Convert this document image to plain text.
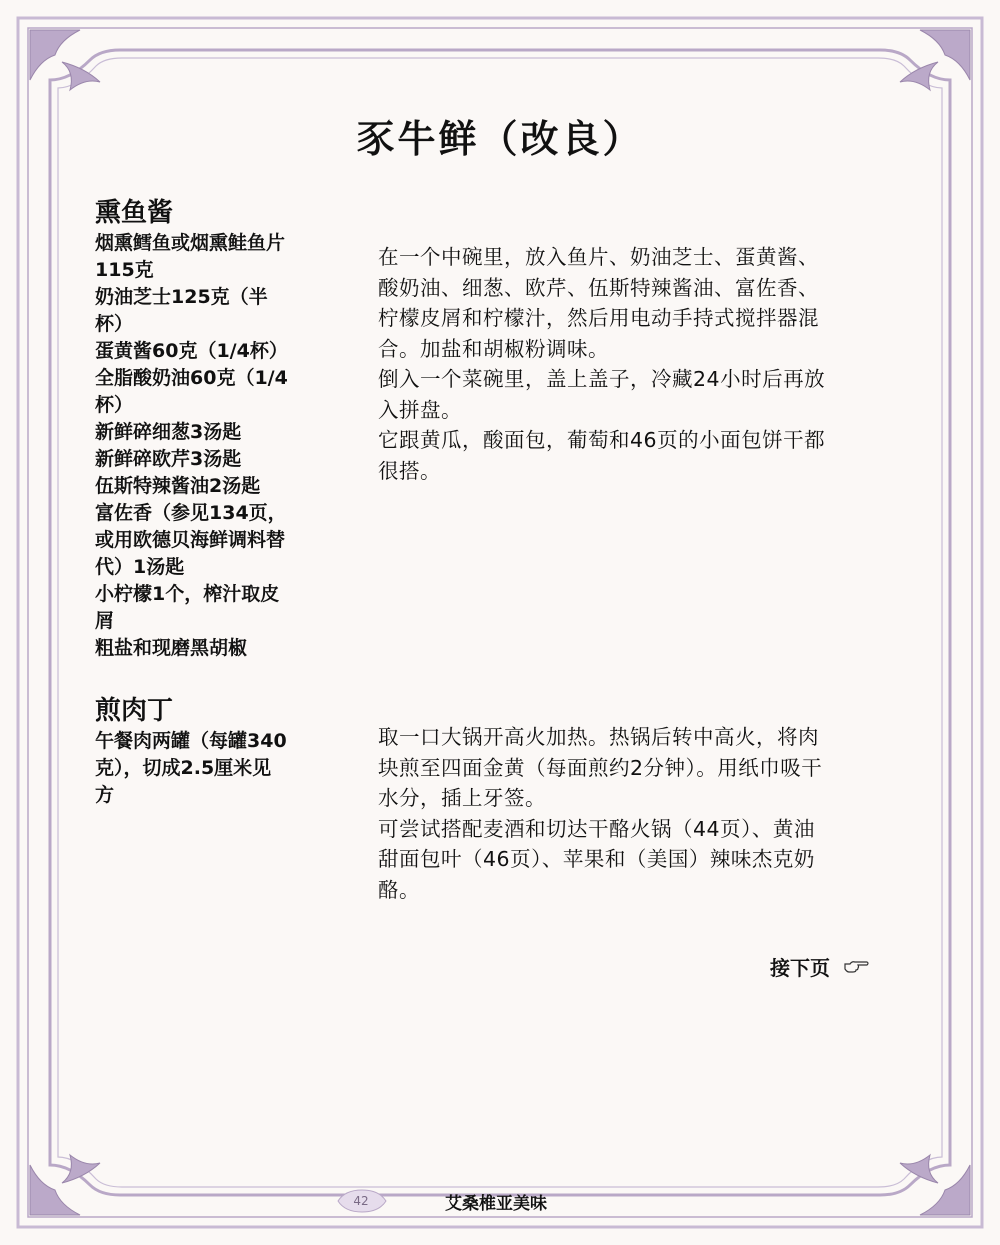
豕牛鲜（改良）
熏鱼酱
烟熏鳕鱼或烟熏鲑鱼片
115克
奶油芝士125克（半
杯）
蛋黄酱60克（1/4杯）
全脂酸奶油60克（1/4
杯）
新鲜碎细葱3汤匙
新鲜碎欧芹3汤匙
伍斯特辣酱油2汤匙
富佐香（参见134页，
或用欧德贝海鲜调料替
代）1汤匙
小柠檬1个，榨汁取皮
屑
粗盐和现磨黑胡椒
在一个中碗里，放入鱼片、奶油芝士、蛋黄酱、
酸奶油、细葱、欧芹、伍斯特辣酱油、富佐香、
柠檬皮屑和柠檬汁，然后用电动手持式搅拌器混
合。加盐和胡椒粉调味。
倒入一个菜碗里，盖上盖子，冷藏24小时后再放
入拼盘。
它跟黄瓜，酸面包，葡萄和46页的小面包饼干都
很搭。
煎肉丁
午餐肉两罐（每罐340
克），切成2.5厘米见
方
取一口大锅开高火加热。热锅后转中高火，将肉
块煎至四面金黄（每面煎约2分钟）。用纸巾吸干
水分，插上牙签。
可尝试搭配麦酒和切达干酪火锅（44页）、黄油
甜面包叶（46页）、苹果和（美国）辣味杰克奶
酪。
接下页
42	艾桑椎亚美味
